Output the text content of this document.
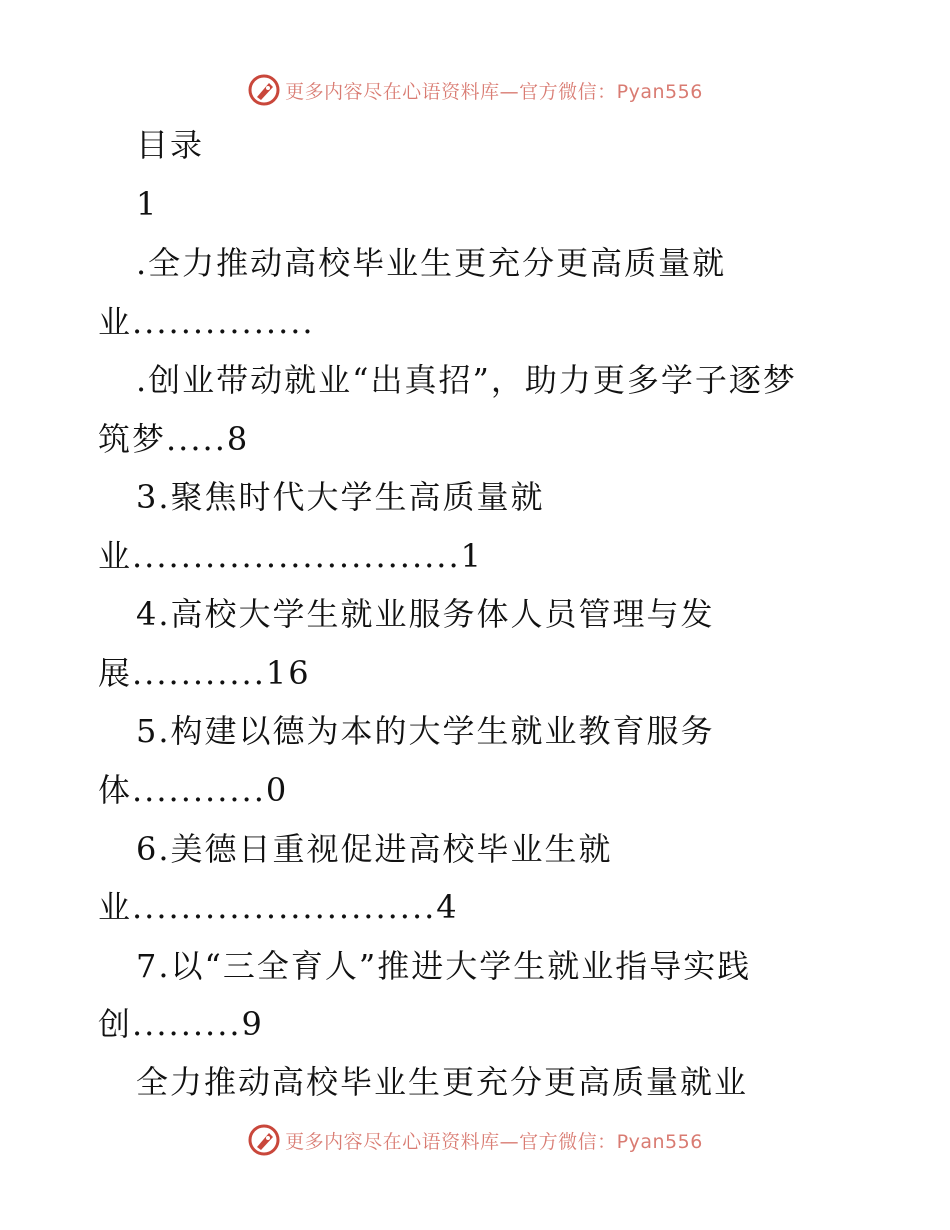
更多内容尽在心语资料库—官方微信：Pyan556
目录
1
.全力推动高校毕业生更充分更高质量就
业...............
.创业带动就业“出真招”，助力更多学子逐梦
筑梦.....8
3.聚焦时代大学生高质量就
业...........................1
4.高校大学生就业服务体人员管理与发
展...........16
5.构建以德为本的大学生就业教育服务
体...........0
6.美德日重视促进高校毕业生就
业.........................4
7.以“三全育人”推进大学生就业指导实践
创.........9
全力推动高校毕业生更充分更高质量就业
更多内容尽在心语资料库—官方微信：Pyan556
